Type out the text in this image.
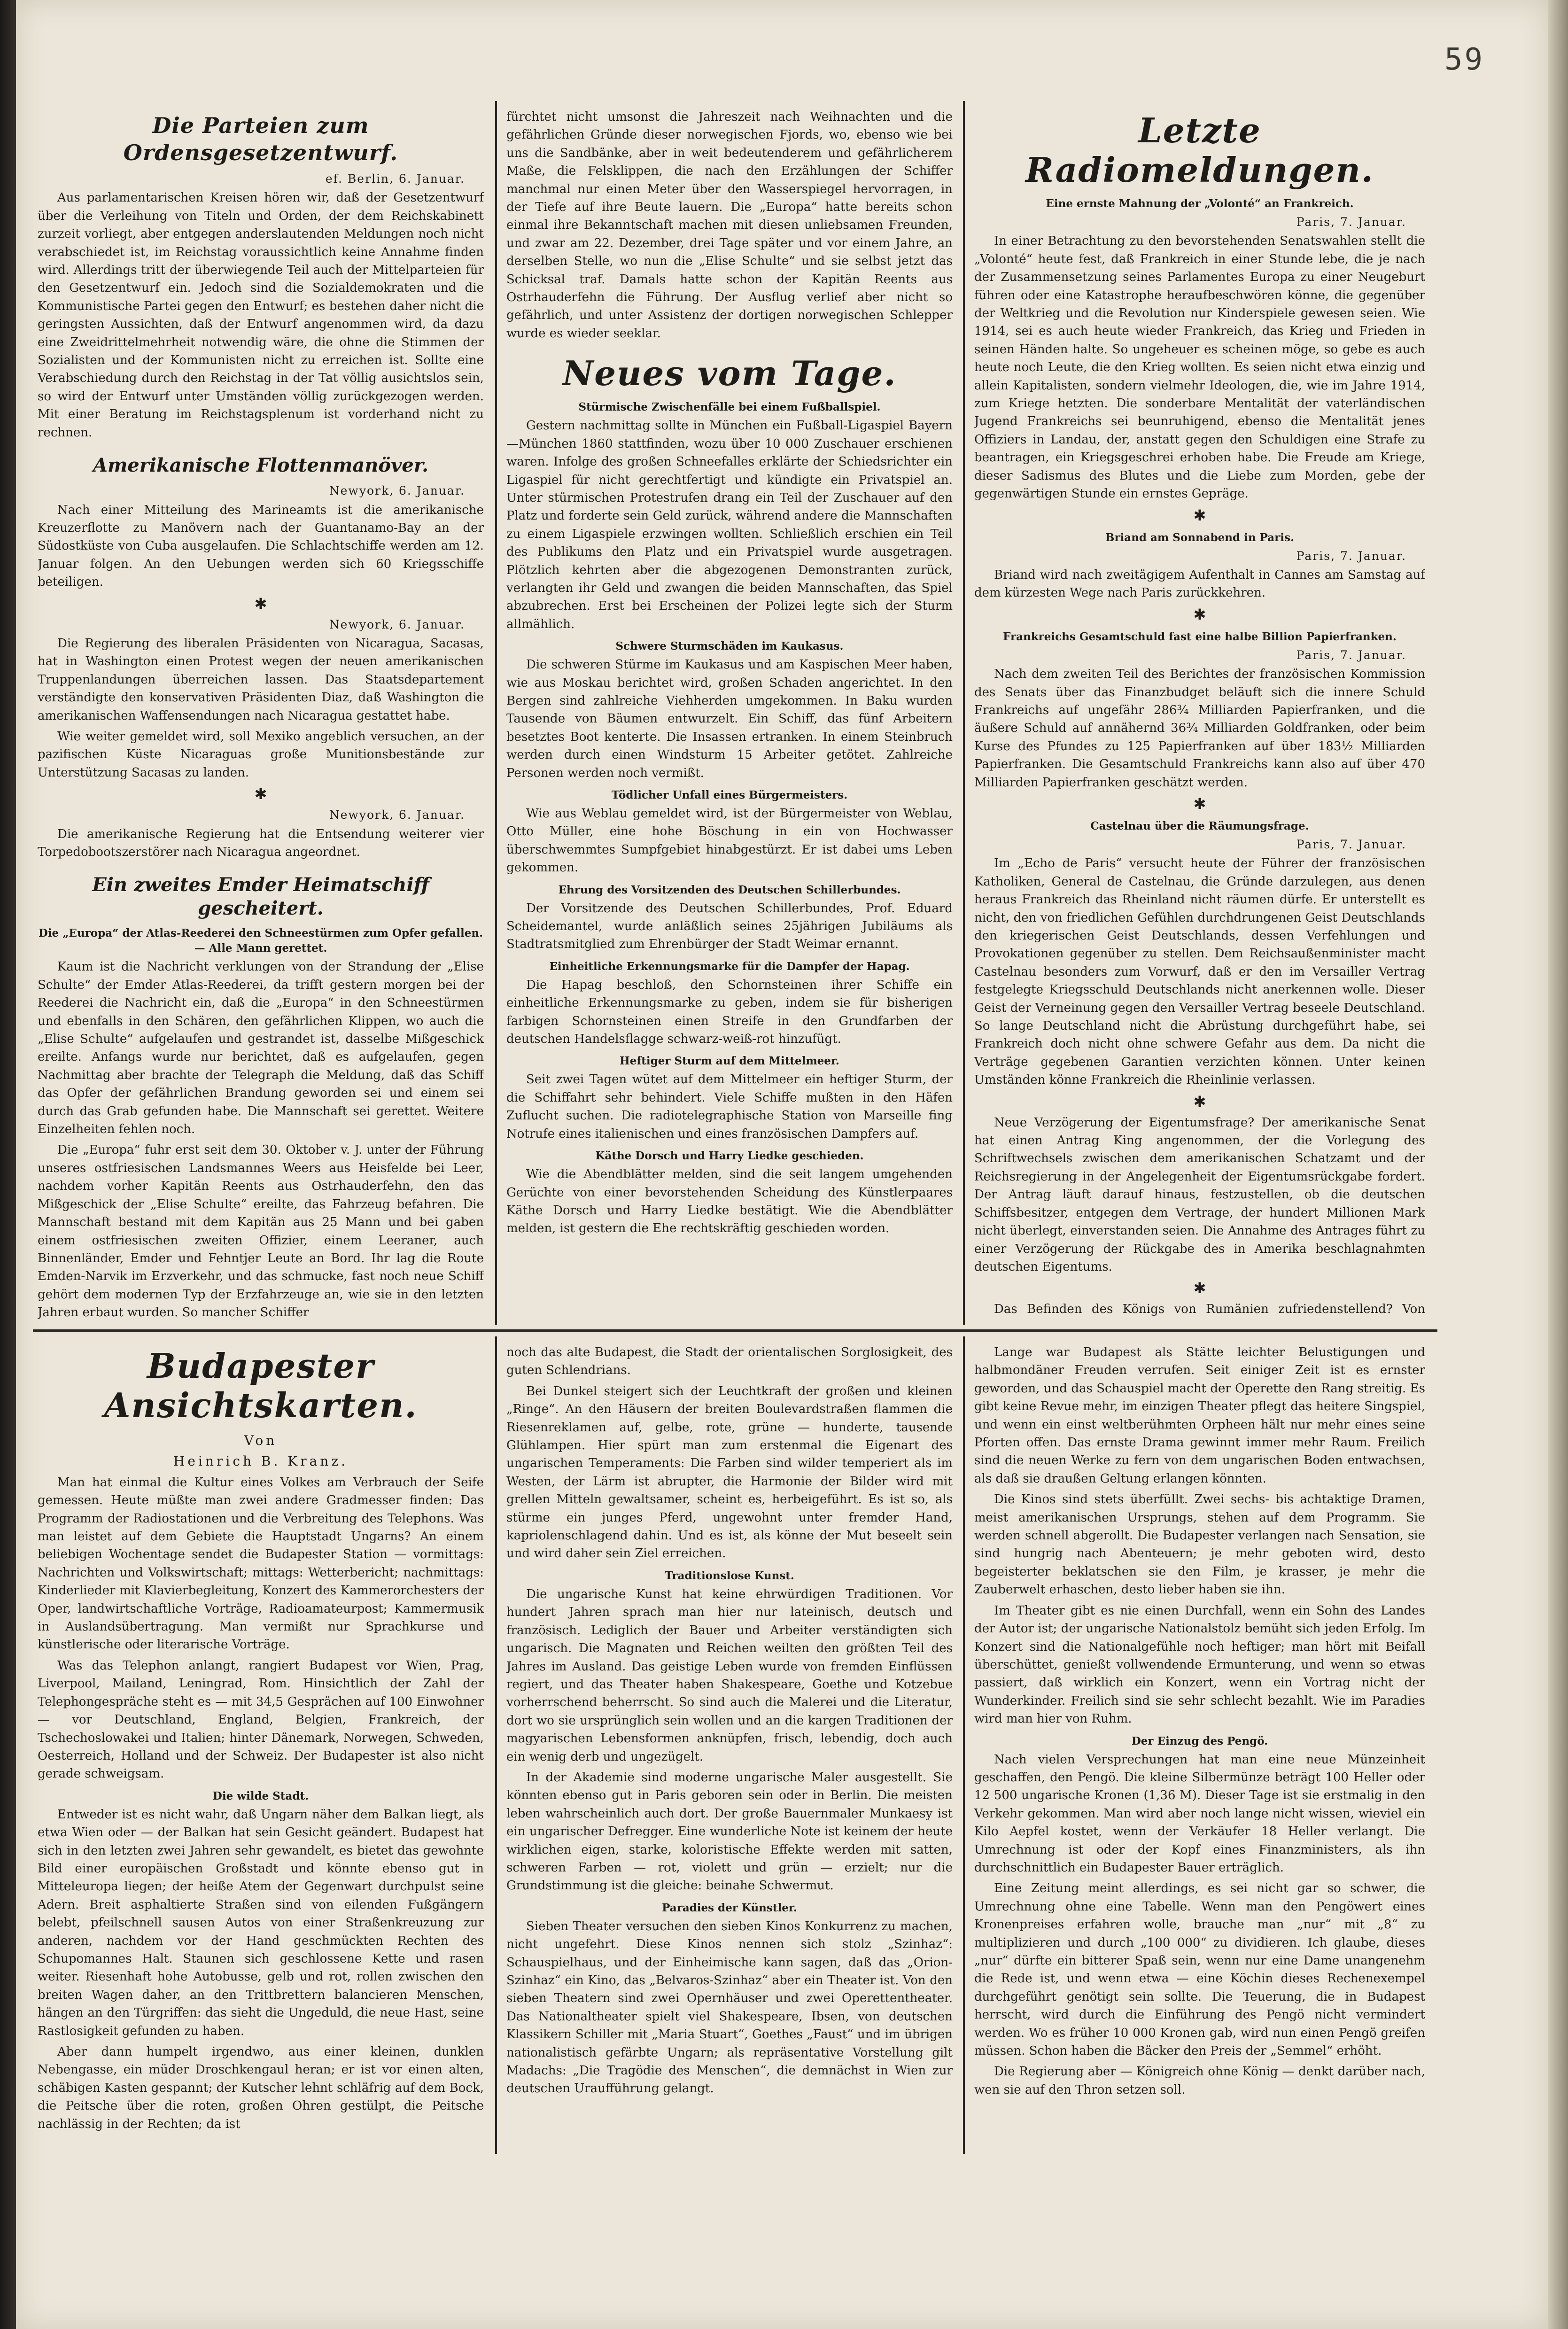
59
Die Parteien zum Ordensgesetzentwurf.
ef. Berlin, 6. Januar.

Aus parlamentarischen Kreisen hören wir, daß der Gesetzentwurf über die Verleihung von Titeln und Orden, der dem Reichskabinett zurzeit vorliegt, aber entgegen anderslautenden Meldungen noch nicht verabschiedet ist, im Reichstag voraussichtlich keine Annahme finden wird. Allerdings tritt der überwiegende Teil auch der Mittelparteien für den Gesetzentwurf ein. Jedoch sind die Sozialdemokraten und die Kommunistische Partei gegen den Entwurf; es bestehen daher nicht die geringsten Aussichten, daß der Entwurf angenommen wird, da dazu eine Zweidrittelmehrheit notwendig wäre, die ohne die Stimmen der Sozialisten und der Kommunisten nicht zu erreichen ist. Sollte eine Verabschiedung durch den Reichstag in der Tat völlig ausichtslos sein, so wird der Entwurf unter Umständen völlig zurückgezogen werden. Mit einer Beratung im Reichstagsplenum ist vorderhand nicht zu rechnen.

Amerikanische Flottenmanöver.
Newyork, 6. Januar.

Nach einer Mitteilung des Marineamts ist die amerikanische Kreuzerflotte zu Manövern nach der Guantanamo-Bay an der Südostküste von Cuba ausgelaufen. Die Schlachtschiffe werden am 12. Januar folgen. An den Uebungen werden sich 60 Kriegsschiffe beteiligen.

✱
Newyork, 6. Januar.

Die Regierung des liberalen Präsidenten von Nicaragua, Sacasas, hat in Washington einen Protest wegen der neuen amerikanischen Truppenlandungen überreichen lassen. Das Staatsdepartement verständigte den konservativen Präsidenten Diaz, daß Washington die amerikanischen Waffensendungen nach Nicaragua gestattet habe.

Wie weiter gemeldet wird, soll Mexiko angeblich versuchen, an der pazifischen Küste Nicaraguas große Munitionsbestände zur Unterstützung Sacasas zu landen.

✱
Newyork, 6. Januar.

Die amerikanische Regierung hat die Entsendung weiterer vier Torpedobootszerstörer nach Nicaragua angeordnet.

Ein zweites Emder Heimatschiff gescheitert.
Die „Europa“ der Atlas-Reederei den Schneestürmen zum Opfer gefallen. — Alle Mann gerettet.

Kaum ist die Nachricht verklungen von der Strandung der „Elise Schulte“ der Emder Atlas-Reederei, da trifft gestern morgen bei der Reederei die Nachricht ein, daß die „Europa“ in den Schneestürmen und ebenfalls in den Schären, den gefährlichen Klippen, wo auch die „Elise Schulte“ aufgelaufen und gestrandet ist, dasselbe Mißgeschick ereilte. Anfangs wurde nur berichtet, daß es aufgelaufen, gegen Nachmittag aber brachte der Telegraph die Meldung, daß das Schiff das Opfer der gefährlichen Brandung geworden sei und einem sei durch das Grab gefunden habe. Die Mannschaft sei gerettet. Weitere Einzelheiten fehlen noch.

Die „Europa“ fuhr erst seit dem 30. Oktober v. J. unter der Führung unseres ostfriesischen Landsmannes Weers aus Heisfelde bei Leer, nachdem vorher Kapitän Reents aus Ostrhauderfehn, den das Mißgeschick der „Elise Schulte“ ereilte, das Fahrzeug befahren. Die Mannschaft bestand mit dem Kapitän aus 25 Mann und bei gaben einem ostfriesischen zweiten Offizier, einem Leeraner, auch Binnenländer, Emder und Fehntjer Leute an Bord. Ihr lag die Route Emden-Narvik im Erzverkehr, und das schmucke, fast noch neue Schiff gehört dem modernen Typ der Erzfahrzeuge an, wie sie in den letzten Jahren erbaut wurden. So mancher Schiffer

fürchtet nicht umsonst die Jahreszeit nach Weihnachten und die gefährlichen Gründe dieser norwegischen Fjords, wo, ebenso wie bei uns die Sandbänke, aber in weit bedeutenderem und gefährlicherem Maße, die Felsklippen, die nach den Erzählungen der Schiffer manchmal nur einen Meter über den Wasserspiegel hervorragen, in der Tiefe auf ihre Beute lauern. Die „Europa“ hatte bereits schon einmal ihre Bekanntschaft machen mit diesen unliebsamen Freunden, und zwar am 22. Dezember, drei Tage später und vor einem Jahre, an derselben Stelle, wo nun die „Elise Schulte“ und sie selbst jetzt das Schicksal traf. Damals hatte schon der Kapitän Reents aus Ostrhauderfehn die Führung. Der Ausflug verlief aber nicht so gefährlich, und unter Assistenz der dortigen norwegischen Schlepper wurde es wieder seeklar.

Neues vom Tage.
Stürmische Zwischenfälle bei einem Fußballspiel.

Gestern nachmittag sollte in München ein Fußball-Ligaspiel Bayern—München 1860 stattfinden, wozu über 10 000 Zuschauer erschienen waren. Infolge des großen Schneefalles erklärte der Schiedsrichter ein Ligaspiel für nicht gerechtfertigt und kündigte ein Privatspiel an. Unter stürmischen Protestrufen drang ein Teil der Zuschauer auf den Platz und forderte sein Geld zurück, während andere die Mannschaften zu einem Ligaspiele erzwingen wollten. Schließlich erschien ein Teil des Publikums den Platz und ein Privatspiel wurde ausgetragen. Plötzlich kehrten aber die abgezogenen Demonstranten zurück, verlangten ihr Geld und zwangen die beiden Mannschaften, das Spiel abzubrechen. Erst bei Erscheinen der Polizei legte sich der Sturm allmählich.

Schwere Sturmschäden im Kaukasus.

Die schweren Stürme im Kaukasus und am Kaspischen Meer haben, wie aus Moskau berichtet wird, großen Schaden angerichtet. In den Bergen sind zahlreiche Viehherden umgekommen. In Baku wurden Tausende von Bäumen entwurzelt. Ein Schiff, das fünf Arbeitern besetztes Boot kenterte. Die Insassen ertranken. In einem Steinbruch werden durch einen Windsturm 15 Arbeiter getötet. Zahlreiche Personen werden noch vermißt.

Tödlicher Unfall eines Bürgermeisters.

Wie aus Weblau gemeldet wird, ist der Bürgermeister von Weblau, Otto Müller, eine hohe Böschung in ein von Hochwasser überschwemmtes Sumpfgebiet hinabgestürzt. Er ist dabei ums Leben gekommen.

Ehrung des Vorsitzenden des Deutschen Schillerbundes.

Der Vorsitzende des Deutschen Schillerbundes, Prof. Eduard Scheidemantel, wurde anläßlich seines 25jährigen Jubiläums als Stadtratsmitglied zum Ehrenbürger der Stadt Weimar ernannt.

Einheitliche Erkennungsmarke für die Dampfer der Hapag.

Die Hapag beschloß, den Schornsteinen ihrer Schiffe ein einheitliche Erkennungsmarke zu geben, indem sie für bisherigen farbigen Schornsteinen einen Streife in den Grundfarben der deutschen Handelsflagge schwarz-weiß-rot hinzufügt.

Heftiger Sturm auf dem Mittelmeer.

Seit zwei Tagen wütet auf dem Mittelmeer ein heftiger Sturm, der die Schiffahrt sehr behindert. Viele Schiffe mußten in den Häfen Zuflucht suchen. Die radiotelegraphische Station von Marseille fing Notrufe eines italienischen und eines französischen Dampfers auf.

Käthe Dorsch und Harry Liedke geschieden.

Wie die Abendblätter melden, sind die seit langem umgehenden Gerüchte von einer bevorstehenden Scheidung des Künstlerpaares Käthe Dorsch und Harry Liedke bestätigt. Wie die Abendblätter melden, ist gestern die Ehe rechtskräftig geschieden worden.

Letzte Radiomeldungen.
Eine ernste Mahnung der „Volonté“ an Frankreich.
Paris, 7. Januar.

In einer Betrachtung zu den bevorstehenden Senatswahlen stellt die „Volonté“ heute fest, daß Frankreich in einer Stunde lebe, die je nach der Zusammensetzung seines Parlamentes Europa zu einer Neugeburt führen oder eine Katastrophe heraufbeschwören könne, die gegenüber der Weltkrieg und die Revolution nur Kinderspiele gewesen seien. Wie 1914, sei es auch heute wieder Frankreich, das Krieg und Frieden in seinen Händen halte. So ungeheuer es scheinen möge, so gebe es auch heute noch Leute, die den Krieg wollten. Es seien nicht etwa einzig und allein Kapitalisten, sondern vielmehr Ideologen, die, wie im Jahre 1914, zum Kriege hetzten. Die sonderbare Mentalität der vaterländischen Jugend Frankreichs sei beunruhigend, ebenso die Mentalität jenes Offiziers in Landau, der, anstatt gegen den Schuldigen eine Strafe zu beantragen, ein Kriegsgeschrei erhoben habe. Die Freude am Kriege, dieser Sadismus des Blutes und die Liebe zum Morden, gebe der gegenwärtigen Stunde ein ernstes Gepräge.

✱
Briand am Sonnabend in Paris.
Paris, 7. Januar.

Briand wird nach zweitägigem Aufenthalt in Cannes am Samstag auf dem kürzesten Wege nach Paris zurückkehren.

✱
Frankreichs Gesamtschuld fast eine halbe Billion Papierfranken.
Paris, 7. Januar.

Nach dem zweiten Teil des Berichtes der französischen Kommission des Senats über das Finanzbudget beläuft sich die innere Schuld Frankreichs auf ungefähr 286¾ Milliarden Papierfranken, und die äußere Schuld auf annähernd 36¾ Milliarden Goldfranken, oder beim Kurse des Pfundes zu 125 Papierfranken auf über 183½ Milliarden Papierfranken. Die Gesamtschuld Frankreichs kann also auf über 470 Milliarden Papierfranken geschätzt werden.

✱
Castelnau über die Räumungsfrage.
Paris, 7. Januar.

Im „Echo de Paris“ versucht heute der Führer der französischen Katholiken, General de Castelnau, die Gründe darzulegen, aus denen heraus Frankreich das Rheinland nicht räumen dürfe. Er unterstellt es nicht, den von friedlichen Gefühlen durchdrungenen Geist Deutschlands den kriegerischen Geist Deutschlands, dessen Verfehlungen und Provokationen gegenüber zu stellen. Dem Reichsaußenminister macht Castelnau besonders zum Vorwurf, daß er den im Versailler Vertrag festgelegte Kriegsschuld Deutschlands nicht anerkennen wolle. Dieser Geist der Verneinung gegen den Versailler Vertrag beseele Deutschland. So lange Deutschland nicht die Abrüstung durchgeführt habe, sei Frankreich doch nicht ohne schwere Gefahr aus dem. Da nicht die Verträge gegebenen Garantien verzichten können. Unter keinen Umständen könne Frankreich die Rheinlinie verlassen.

✱

Neue Verzögerung der Eigentumsfrage? Der amerikanische Senat hat einen Antrag King angenommen, der die Vorlegung des Schriftwechsels zwischen dem amerikanischen Schatzamt und der Reichsregierung in der Angelegenheit der Eigentumsrückgabe fordert. Der Antrag läuft darauf hinaus, festzustellen, ob die deutschen Schiffsbesitzer, entgegen dem Vertrage, der hundert Millionen Mark nicht überlegt, einverstanden seien. Die Annahme des Antrages führt zu einer Verzögerung der Rückgabe des in Amerika beschlagnahmten deutschen Eigentums.

✱

Das Befinden des Königs von Rumänien zufriedenstellend? Von

Budapester Ansichtskarten.
Von
Heinrich B. Kranz.

Man hat einmal die Kultur eines Volkes am Verbrauch der Seife gemessen. Heute müßte man zwei andere Gradmesser finden: Das Programm der Radiostationen und die Verbreitung des Telephons. Was man leistet auf dem Gebiete die Hauptstadt Ungarns? An einem beliebigen Wochentage sendet die Budapester Station — vormittags: Nachrichten und Volkswirtschaft; mittags: Wetterbericht; nachmittags: Kinderlieder mit Klavierbegleitung, Konzert des Kammerorchesters der Oper, landwirtschaftliche Vorträge, Radioamateurpost; Kammermusik in Auslandsübertragung. Man vermißt nur Sprachkurse und künstlerische oder literarische Vorträge.

Was das Telephon anlangt, rangiert Budapest vor Wien, Prag, Liverpool, Mailand, Leningrad, Rom. Hinsichtlich der Zahl der Telephongespräche steht es — mit 34,5 Gesprächen auf 100 Einwohner — vor Deutschland, England, Belgien, Frankreich, der Tschechoslowakei und Italien; hinter Dänemark, Norwegen, Schweden, Oesterreich, Holland und der Schweiz. Der Budapester ist also nicht gerade schweigsam.

Die wilde Stadt.

Entweder ist es nicht wahr, daß Ungarn näher dem Balkan liegt, als etwa Wien oder — der Balkan hat sein Gesicht geändert. Budapest hat sich in den letzten zwei Jahren sehr gewandelt, es bietet das gewohnte Bild einer europäischen Großstadt und könnte ebenso gut in Mitteleuropa liegen; der heiße Atem der Gegenwart durchpulst seine Adern. Breit asphaltierte Straßen sind von eilenden Fußgängern belebt, pfeilschnell sausen Autos von einer Straßenkreuzung zur anderen, nachdem vor der Hand geschmückten Rechten des Schupomannes Halt. Staunen sich geschlossene Kette und rasen weiter. Riesenhaft hohe Autobusse, gelb und rot, rollen zwischen den breiten Wagen daher, an den Trittbrettern balancieren Menschen, hängen an den Türgriffen: das sieht die Ungeduld, die neue Hast, seine Rastlosigkeit gefunden zu haben.

Aber dann humpelt irgendwo, aus einer kleinen, dunklen Nebengasse, ein müder Droschkengaul heran; er ist vor einen alten, schäbigen Kasten gespannt; der Kutscher lehnt schläfrig auf dem Bock, die Peitsche über die roten, großen Ohren gestülpt, die Peitsche nachlässig in der Rechten; da ist

noch das alte Budapest, die Stadt der orientalischen Sorglosigkeit, des guten Schlendrians.

Bei Dunkel steigert sich der Leuchtkraft der großen und kleinen „Ringe“. An den Häusern der breiten Boulevardstraßen flammen die Riesenreklamen auf, gelbe, rote, grüne — hunderte, tausende Glühlampen. Hier spürt man zum erstenmal die Eigenart des ungarischen Temperaments: Die Farben sind wilder temperiert als im Westen, der Lärm ist abrupter, die Harmonie der Bilder wird mit grellen Mitteln gewaltsamer, scheint es, herbeigeführt. Es ist so, als stürme ein junges Pferd, ungewohnt unter fremder Hand, kapriolenschlagend dahin. Und es ist, als könne der Mut beseelt sein und wird daher sein Ziel erreichen.

Traditionslose Kunst.

Die ungarische Kunst hat keine ehrwürdigen Traditionen. Vor hundert Jahren sprach man hier nur lateinisch, deutsch und französisch. Lediglich der Bauer und Arbeiter verständigten sich ungarisch. Die Magnaten und Reichen weilten den größten Teil des Jahres im Ausland. Das geistige Leben wurde von fremden Einflüssen regiert, und das Theater haben Shakespeare, Goethe und Kotzebue vorherrschend beherrscht. So sind auch die Malerei und die Literatur, dort wo sie ursprünglich sein wollen und an die kargen Traditionen der magyarischen Lebensformen anknüpfen, frisch, lebendig, doch auch ein wenig derb und ungezügelt.

In der Akademie sind moderne ungarische Maler ausgestellt. Sie könnten ebenso gut in Paris geboren sein oder in Berlin. Die meisten leben wahrscheinlich auch dort. Der große Bauernmaler Munkaesy ist ein ungarischer Defregger. Eine wunderliche Note ist keinem der heute wirklichen eigen, starke, koloristische Effekte werden mit satten, schweren Farben — rot, violett und grün — erzielt; nur die Grundstimmung ist die gleiche: beinahe Schwermut.

Paradies der Künstler.

Sieben Theater versuchen den sieben Kinos Konkurrenz zu machen, nicht ungefehrt. Diese Kinos nennen sich stolz „Szinhaz“: Schauspielhaus, und der Einheimische kann sagen, daß das „Orion-Szinhaz“ ein Kino, das „Belvaros-Szinhaz“ aber ein Theater ist. Von den sieben Theatern sind zwei Opernhäuser und zwei Operettentheater. Das Nationaltheater spielt viel Shakespeare, Ibsen, von deutschen Klassikern Schiller mit „Maria Stuart“, Goethes „Faust“ und im übrigen nationalistisch gefärbte Ungarn; als repräsentative Vorstellung gilt Madachs: „Die Tragödie des Menschen“, die demnächst in Wien zur deutschen Uraufführung gelangt.

Lange war Budapest als Stätte leichter Belustigungen und halbmondäner Freuden verrufen. Seit einiger Zeit ist es ernster geworden, und das Schauspiel macht der Operette den Rang streitig. Es gibt keine Revue mehr, im einzigen Theater pflegt das heitere Singspiel, und wenn ein einst weltberühmten Orpheen hält nur mehr eines seine Pforten offen. Das ernste Drama gewinnt immer mehr Raum. Freilich sind die neuen Werke zu fern von dem ungarischen Boden entwachsen, als daß sie draußen Geltung erlangen könnten.

Die Kinos sind stets überfüllt. Zwei sechs- bis achtaktige Dramen, meist amerikanischen Ursprungs, stehen auf dem Programm. Sie werden schnell abgerollt. Die Budapester verlangen nach Sensation, sie sind hungrig nach Abenteuern; je mehr geboten wird, desto begeisterter beklatschen sie den Film, je krasser, je mehr die Zauberwelt erhaschen, desto lieber haben sie ihn.

Im Theater gibt es nie einen Durchfall, wenn ein Sohn des Landes der Autor ist; der ungarische Nationalstolz bemüht sich jeden Erfolg. Im Konzert sind die Nationalgefühle noch heftiger; man hört mit Beifall überschüttet, genießt vollwendende Ermunterung, und wenn so etwas passiert, daß wirklich ein Konzert, wenn ein Vortrag nicht der Wunderkinder. Freilich sind sie sehr schlecht bezahlt. Wie im Paradies wird man hier von Ruhm.

Der Einzug des Pengö.

Nach vielen Versprechungen hat man eine neue Münzeinheit geschaffen, den Pengö. Die kleine Silbermünze beträgt 100 Heller oder 12 500 ungarische Kronen (1,36 M). Dieser Tage ist sie erstmalig in den Verkehr gekommen. Man wird aber noch lange nicht wissen, wieviel ein Kilo Aepfel kostet, wenn der Verkäufer 18 Heller verlangt. Die Umrechnung ist oder der Kopf eines Finanzministers, als ihn durchschnittlich ein Budapester Bauer erträglich.

Eine Zeitung meint allerdings, es sei nicht gar so schwer, die Umrechnung ohne eine Tabelle. Wenn man den Pengöwert eines Kronenpreises erfahren wolle, brauche man „nur“ mit „8“ zu multiplizieren und durch „100 000“ zu dividieren. Ich glaube, dieses „nur“ dürfte ein bitterer Spaß sein, wenn nur eine Dame unangenehm die Rede ist, und wenn etwa — eine Köchin dieses Rechenexempel durchgeführt genötigt sein sollte. Die Teuerung, die in Budapest herrscht, wird durch die Einführung des Pengö nicht vermindert werden. Wo es früher 10 000 Kronen gab, wird nun einen Pengö greifen müssen. Schon haben die Bäcker den Preis der „Semmel“ erhöht.

Die Regierung aber — Königreich ohne König — denkt darüber nach, wen sie auf den Thron setzen soll.
